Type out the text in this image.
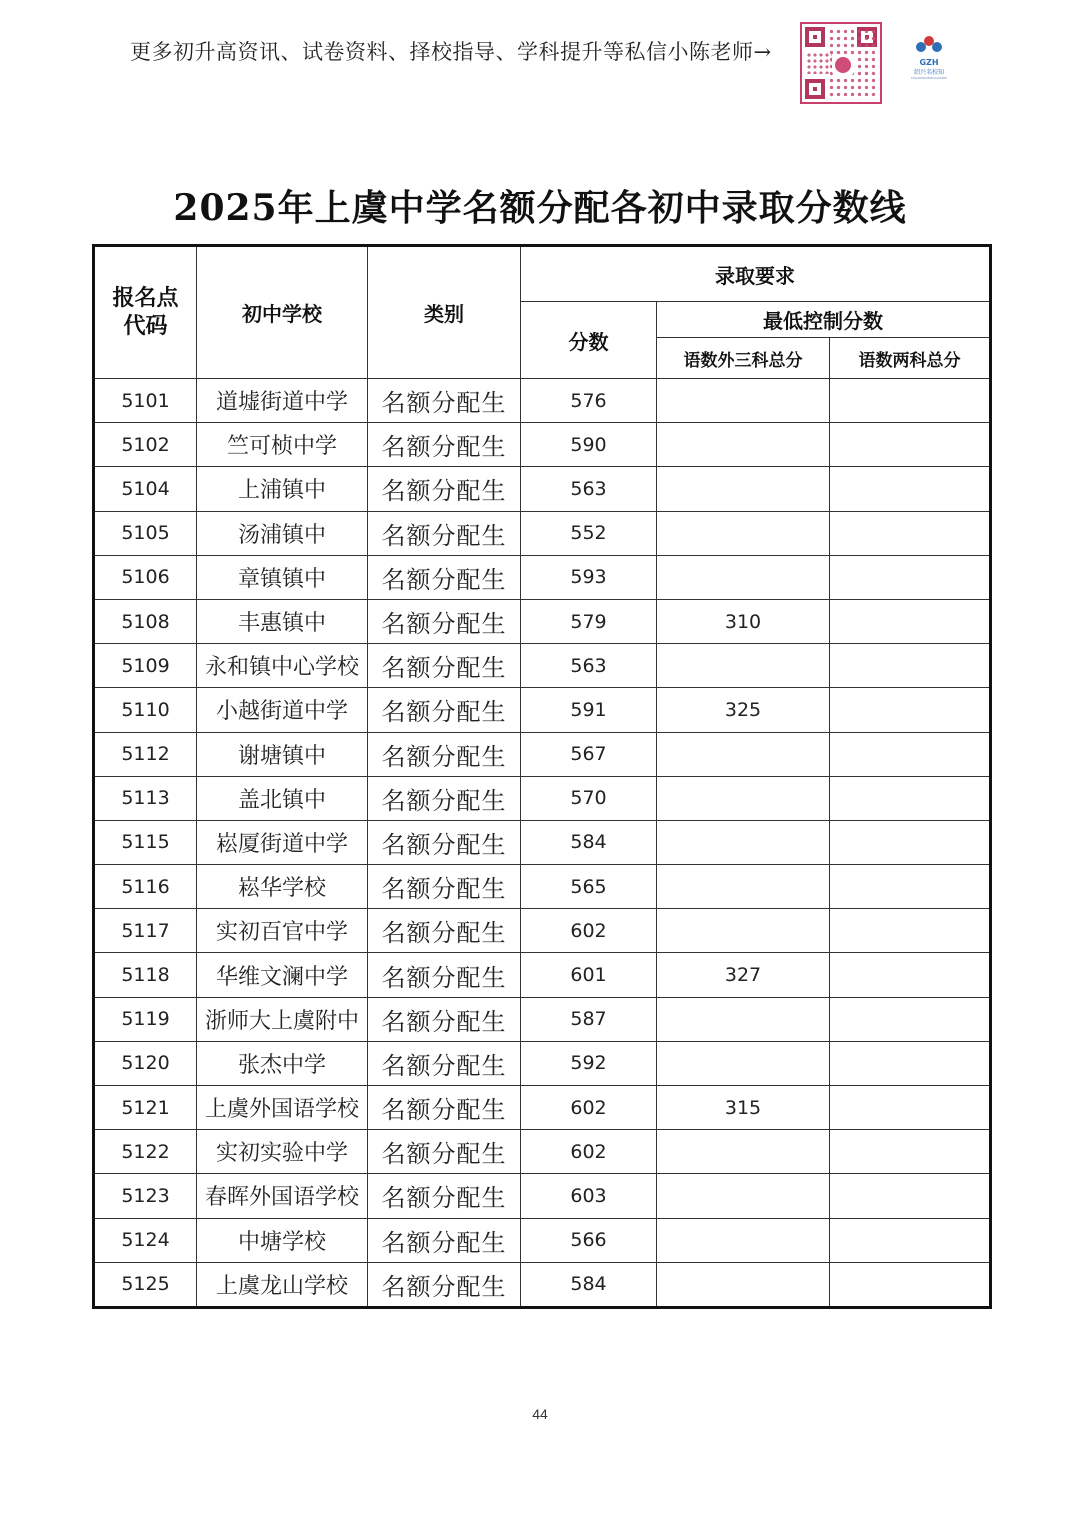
更多初升高资讯、试卷资料、择校指导、学科提升等私信小陈老师→	GZH
绍兴名校知
SHAOXINGMINGXIAOZHI
2025年上虞中学名额分配各初中录取分数线
报名点代码	初中学校	类别	录取要求		
			分数	最低控制分数	
				语数外三科总分	语数两科总分
5101	道墟街道中学	名额分配生	576		
5102	竺可桢中学	名额分配生	590		
5104	上浦镇中	名额分配生	563		
5105	汤浦镇中	名额分配生	552		
5106	章镇镇中	名额分配生	593		
5108	丰惠镇中	名额分配生	579	310	
5109	永和镇中心学校	名额分配生	563		
5110	小越街道中学	名额分配生	591	325	
5112	谢塘镇中	名额分配生	567		
5113	盖北镇中	名额分配生	570		
5115	崧厦街道中学	名额分配生	584		
5116	崧华学校	名额分配生	565		
5117	实初百官中学	名额分配生	602		
5118	华维文澜中学	名额分配生	601	327	
5119	浙师大上虞附中	名额分配生	587		
5120	张杰中学	名额分配生	592		
5121	上虞外国语学校	名额分配生	602	315	
5122	实初实验中学	名额分配生	602		
5123	春晖外国语学校	名额分配生	603		
5124	中塘学校	名额分配生	566		
5125	上虞龙山学校	名额分配生	584		
44
